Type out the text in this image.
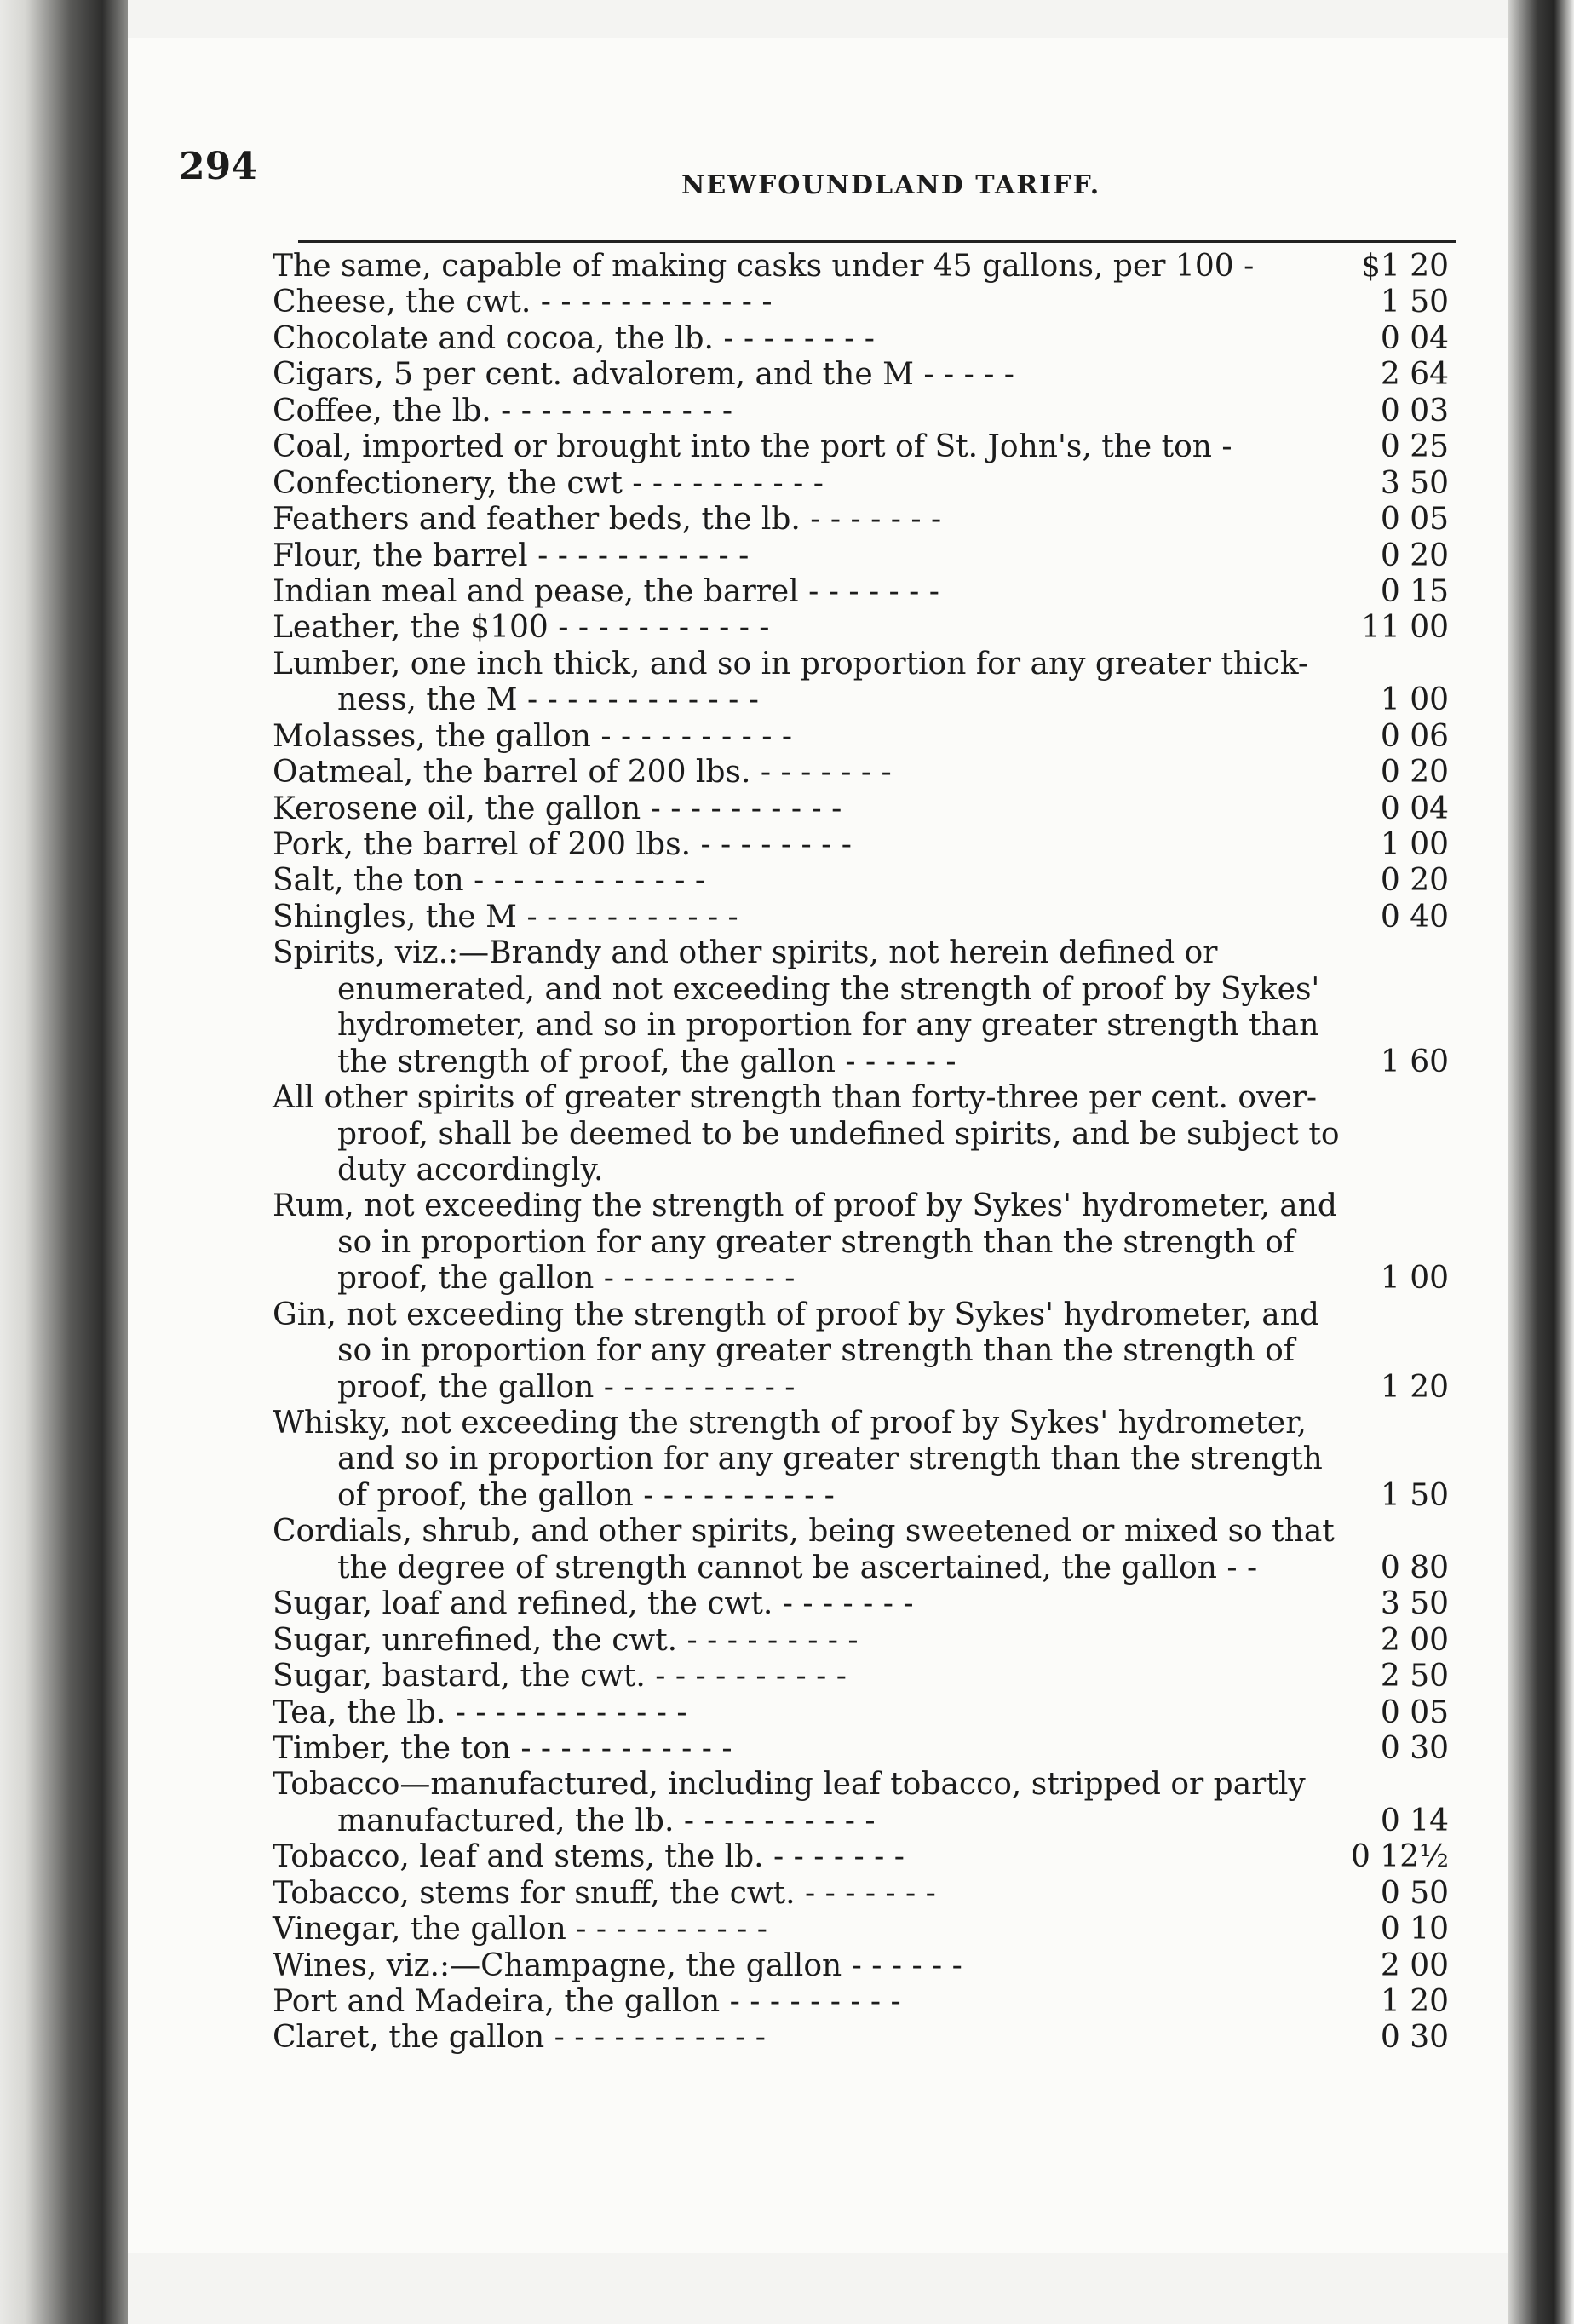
294	NEWFOUNDLAND TARIFF.
The same, capable of making casks under 45 gallons, per 100 -	$1 20
Cheese, the cwt. - - - - - - - - - - - -	1 50
Chocolate and cocoa, the lb. - - - - - - - -	0 04
Cigars, 5 per cent. advalorem, and the M - - - - -	2 64
Coffee, the lb. - - - - - - - - - - - -	0 03
Coal, imported or brought into the port of St. John's, the ton -	0 25
Confectionery, the cwt - - - - - - - - - -	3 50
Feathers and feather beds, the lb. - - - - - - -	0 05
Flour, the barrel - - - - - - - - - - -	0 20
Indian meal and pease, the barrel - - - - - - -	0 15
Leather, the $100 - - - - - - - - - - -	11 00
Lumber, one inch thick, and so in proportion for any greater thick-
ness, the M - - - - - - - - - - - -	1 00
Molasses, the gallon - - - - - - - - - -	0 06
Oatmeal, the barrel of 200 lbs. - - - - - - -	0 20
Kerosene oil, the gallon - - - - - - - - - -	0 04
Pork, the barrel of 200 lbs. - - - - - - - -	1 00
Salt, the ton - - - - - - - - - - - -	0 20
Shingles, the M - - - - - - - - - - -	0 40
Spirits, viz.:—Brandy and other spirits, not herein defined or
enumerated, and not exceeding the strength of proof by Sykes'
hydrometer, and so in proportion for any greater strength than
the strength of proof, the gallon - - - - - -	1 60
All other spirits of greater strength than forty-three per cent. over-
proof, shall be deemed to be undefined spirits, and be subject to
duty accordingly.
Rum, not exceeding the strength of proof by Sykes' hydrometer, and
so in proportion for any greater strength than the strength of
proof, the gallon - - - - - - - - - -	1 00
Gin, not exceeding the strength of proof by Sykes' hydrometer, and
so in proportion for any greater strength than the strength of
proof, the gallon - - - - - - - - - -	1 20
Whisky, not exceeding the strength of proof by Sykes' hydrometer,
and so in proportion for any greater strength than the strength
of proof, the gallon - - - - - - - - - -	1 50
Cordials, shrub, and other spirits, being sweetened or mixed so that
the degree of strength cannot be ascertained, the gallon - -	0 80
Sugar, loaf and refined, the cwt. - - - - - - -	3 50
Sugar, unrefined, the cwt. - - - - - - - - -	2 00
Sugar, bastard, the cwt. - - - - - - - - - -	2 50
Tea, the lb. - - - - - - - - - - - -	0 05
Timber, the ton - - - - - - - - - - -	0 30
Tobacco—manufactured, including leaf tobacco, stripped or partly
manufactured, the lb. - - - - - - - - - -	0 14
Tobacco, leaf and stems, the lb. - - - - - - -	0 12½
Tobacco, stems for snuff, the cwt. - - - - - - -	0 50
Vinegar, the gallon - - - - - - - - - -	0 10
Wines, viz.:—Champagne, the gallon - - - - - -	2 00
Port and Madeira, the gallon - - - - - - - - -	1 20
Claret, the gallon - - - - - - - - - - -	0 30
